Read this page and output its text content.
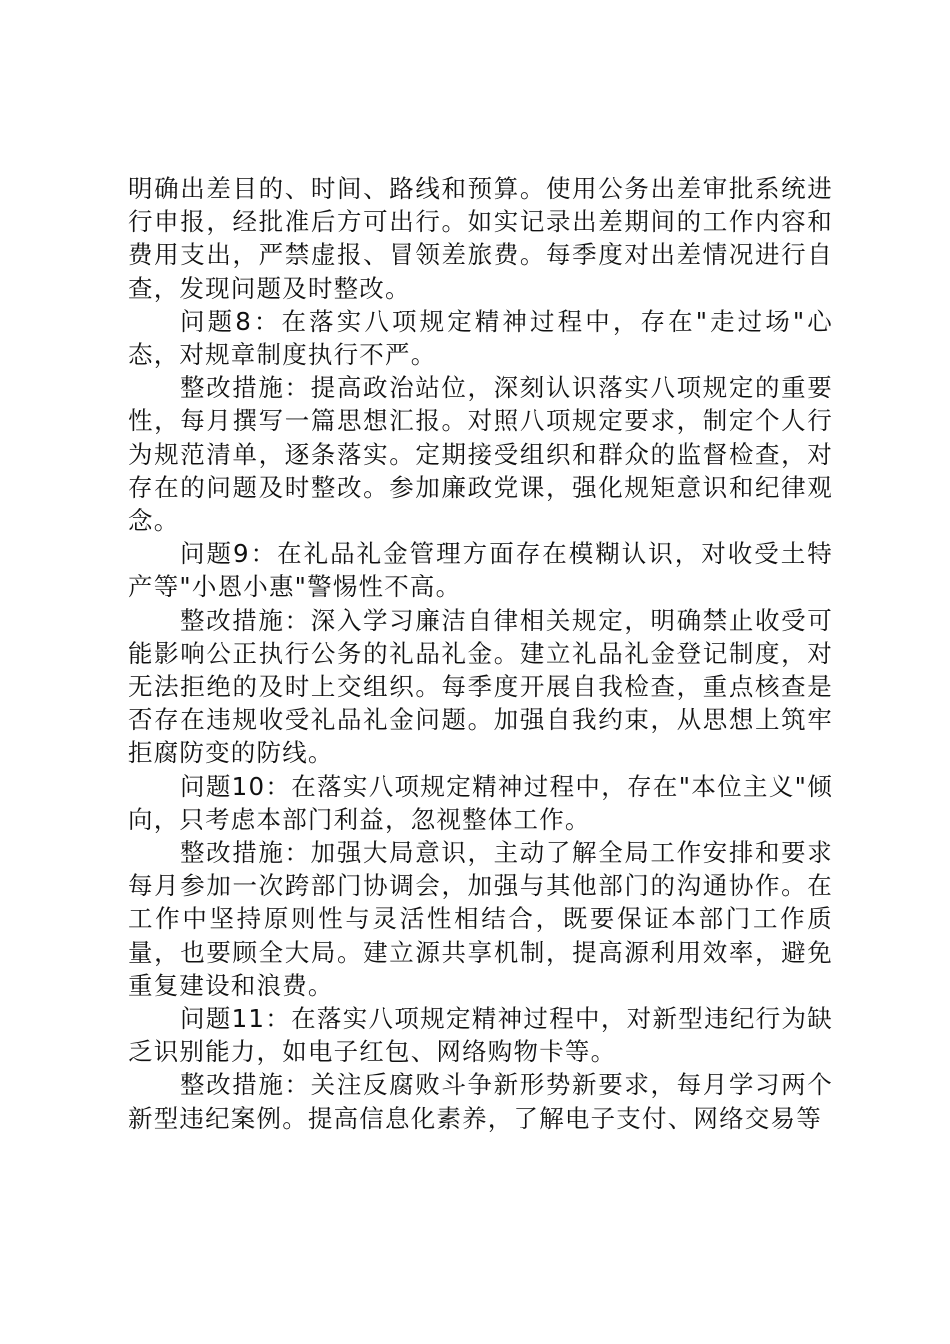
明确出差目的、时间、路线和预算。使用公务出差审批系统进行申报，经批准后方可出行。如实记录出差期间的工作内容和费用支出，严禁虚报、冒领差旅费。每季度对出差情况进行自查，发现问题及时整改。

问题8：在落实八项规定精神过程中，存在"走过场"心态，对规章制度执行不严。

整改措施：提高政治站位，深刻认识落实八项规定的重要性，每月撰写一篇思想汇报。对照八项规定要求，制定个人行为规范清单，逐条落实。定期接受组织和群众的监督检查，对存在的问题及时整改。参加廉政党课，强化规矩意识和纪律观念。

问题9：在礼品礼金管理方面存在模糊认识，对收受土特产等"小恩小惠"警惕性不高。

整改措施：深入学习廉洁自律相关规定，明确禁止收受可能影响公正执行公务的礼品礼金。建立礼品礼金登记制度，对无法拒绝的及时上交组织。每季度开展自我检查，重点核查是否存在违规收受礼品礼金问题。加强自我约束，从思想上筑牢拒腐防变的防线。

问题10：在落实八项规定精神过程中，存在"本位主义"倾向，只考虑本部门利益，忽视整体工作。

整改措施：加强大局意识，主动了解全局工作安排和要求每月参加一次跨部门协调会，加强与其他部门的沟通协作。在工作中坚持原则性与灵活性相结合，既要保证本部门工作质量，也要顾全大局。建立源共享机制，提高源利用效率，避免重复建设和浪费。

问题11：在落实八项规定精神过程中，对新型违纪行为缺乏识别能力，如电子红包、网络购物卡等。

整改措施：关注反腐败斗争新形势新要求，每月学习两个新型违纪案例。提高信息化素养，了解电子支付、网络交易等
